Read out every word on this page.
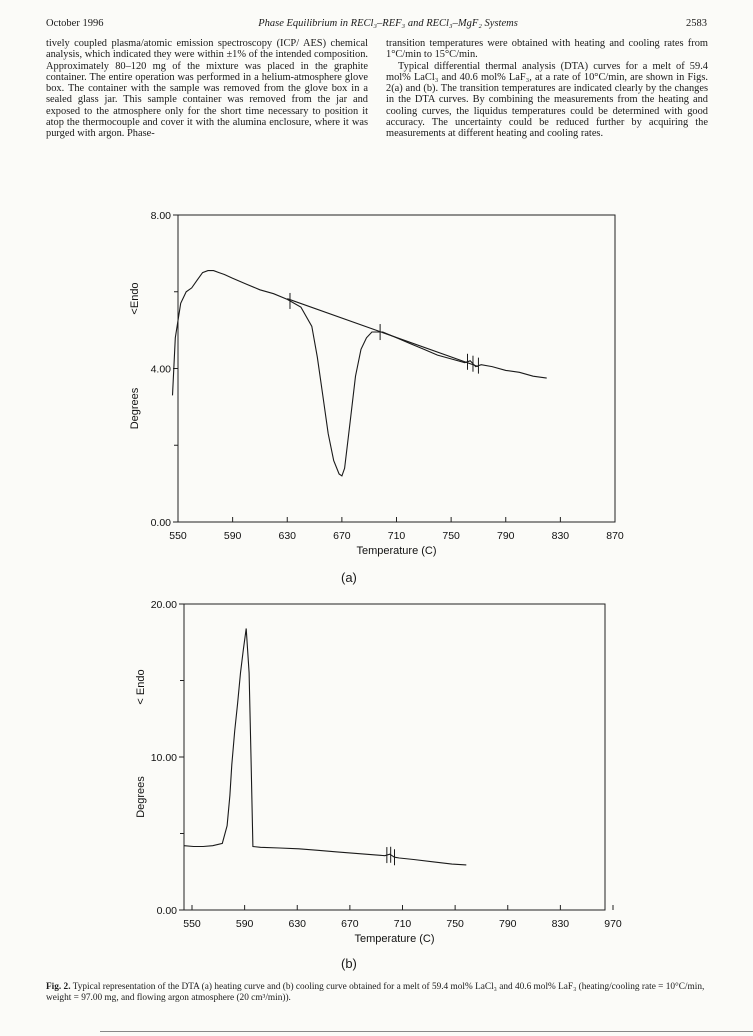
October 1996	Phase Equilibrium in RECl₃–REF₃ and RECl₃–MgF₂ Systems	2583

tively coupled plasma/atomic emission spectroscopy (ICP/ AES) chemical analysis, which indicated they were within ±1% of the intended composition. Approximately 80–120 mg of the mixture was placed in the graphite container. The entire operation was performed in a helium-atmosphere glove box. The container with the sample was removed from the glove box in a sealed glass jar. This sample container was removed from the jar and exposed to the atmosphere only for the short time necessary to position it atop the thermocouple and cover it with the alumina enclosure, where it was purged with argon. Phase-

transition temperatures were obtained with heating and cooling rates from 1°C/min to 15°C/min.

Typical differential thermal analysis (DTA) curves for a melt of 59.4 mol% LaCl₃ and 40.6 mol% LaF₃, at a rate of 10°C/min, are shown in Figs. 2(a) and (b). The transition temperatures are indicated clearly by the changes in the DTA curves. By combining the measurements from the heating and cooling curves, the liquidus temperatures could be determined with good accuracy. The uncertainty could be reduced further by acquiring the measurements at different heating and cooling rates.

550	590	630	670	710	750	790	830	870
0.00
4.00
8.00
Temperature (C)
Degrees
<Endo
(a)
550	590	630	670	710	750	790	830	970
0.00
10.00
20.00
Temperature (C)
Degrees
< Endo
(b)
Fig. 2. Typical representation of the DTA (a) heating curve and (b) cooling curve obtained for a melt of 59.4 mol% LaCl₃ and 40.6 mol% LaF₃ (heating/cooling rate = 10°C/min, weight = 97.00 mg, and flowing argon atmosphere (20 cm³/min)).
